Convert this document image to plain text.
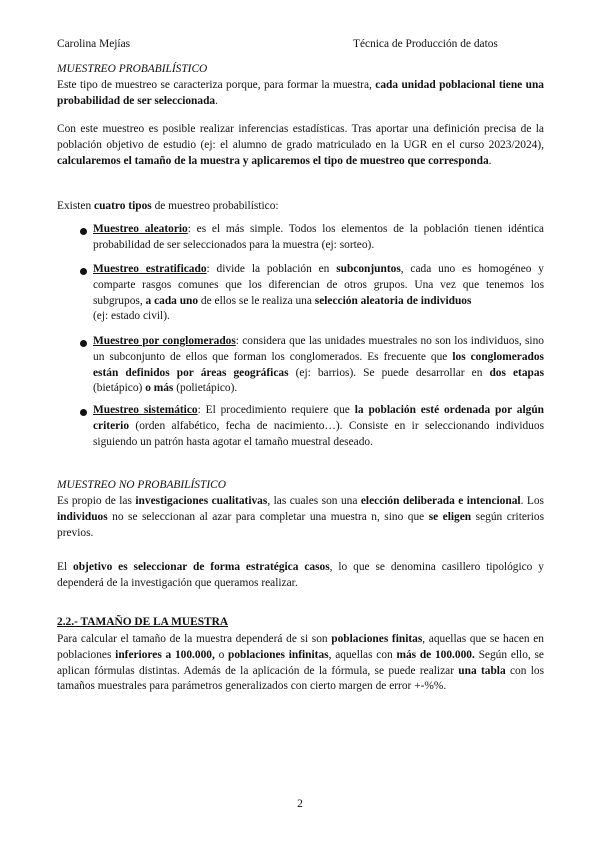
Carolina Mejías	Técnica de Producción de datos
MUESTREO PROBABILÍSTICO
Este tipo de muestreo se caracteriza porque, para formar la muestra, cada unidad poblacional tiene una probabilidad de ser seleccionada.
Con este muestreo es posible realizar inferencias estadísticas. Tras aportar una definición precisa de la población objetivo de estudio (ej: el alumno de grado matriculado en la UGR en el curso 2023/2024), calcularemos el tamaño de la muestra y aplicaremos el tipo de muestreo que corresponda.
Existen cuatro tipos de muestreo probabilístico:
Muestreo aleatorio: es el más simple. Todos los elementos de la población tienen idéntica probabilidad de ser seleccionados para la muestra (ej: sorteo).
Muestreo estratificado: divide la población en subconjuntos, cada uno es homogéneo y comparte rasgos comunes que los diferencian de otros grupos. Una vez que tenemos los subgrupos, a cada uno de ellos se le realiza una selección aleatoria de individuos
(ej: estado civil).
Muestreo por conglomerados: considera que las unidades muestrales no son los individuos, sino un subconjunto de ellos que forman los conglomerados. Es frecuente que los conglomerados están definidos por áreas geográficas (ej: barrios). Se puede desarrollar en dos etapas (bietápico) o más (polietápico).
Muestreo sistemático: El procedimiento requiere que la población esté ordenada por algún criterio (orden alfabético, fecha de nacimiento…). Consiste en ir seleccionando individuos siguiendo un patrón hasta agotar el tamaño muestral deseado.
MUESTREO NO PROBABILÍSTICO
Es propio de las investigaciones cualitativas, las cuales son una elección deliberada e intencional. Los individuos no se seleccionan al azar para completar una muestra n, sino que se eligen según criterios previos.
El objetivo es seleccionar de forma estratégica casos, lo que se denomina casillero tipológico y dependerá de la investigación que queramos realizar.
2.2.- TAMAÑO DE LA MUESTRA
Para calcular el tamaño de la muestra dependerá de si son poblaciones finitas, aquellas que se hacen en poblaciones inferiores a 100.000, o poblaciones infinitas, aquellas con más de 100.000. Según ello, se aplican fórmulas distintas. Además de la aplicación de la fórmula, se puede realizar una tabla con los tamaños muestrales para parámetros generalizados con cierto margen de error +-%%.
2
